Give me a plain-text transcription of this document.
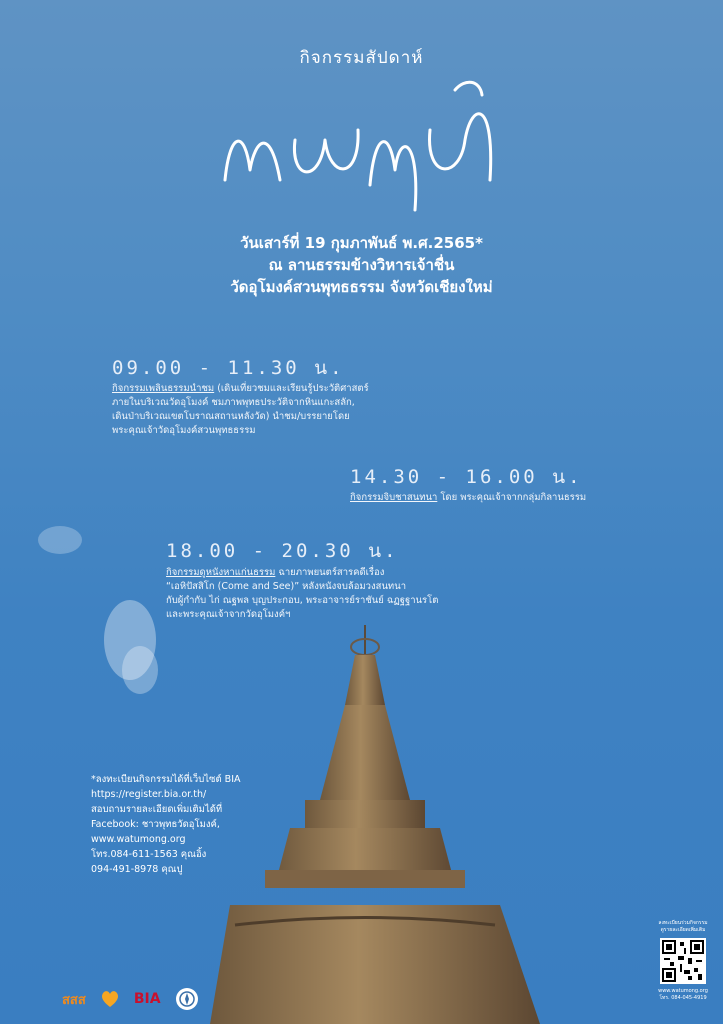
กิจกรรมสัปดาห์
วันเสาร์ที่ 19 กุมภาพันธ์ พ.ศ.2565*
ณ ลานธรรมข้างวิหารเจ้าชื่น
วัดอุโมงค์สวนพุทธธรรม จังหวัดเชียงใหม่
09.00 - 11.30 น.
กิจกรรมเพลินธรรมนำชม (เดินเที่ยวชมและเรียนรู้ประวัติศาสตร์
ภายในบริเวณวัดอุโมงค์ ชมภาพพุทธประวัติจากหินแกะสลัก,
เดินป่าบริเวณเขตโบราณสถานหลังวัด) นำชม/บรรยายโดย
พระคุณเจ้าวัดอุโมงค์สวนพุทธธรรม
14.30 - 16.00 น.
กิจกรรมจิบชาสนทนา โดย พระคุณเจ้าจากกลุ่มกิลานธรรม
18.00 - 20.30 น.
กิจกรรมดูหนังหาแก่นธรรม ฉายภาพยนตร์สารคดีเรื่อง
“เอหิปัสสิโก (Come and See)” หลังหนังจบล้อมวงสนทนา
กับผู้กำกับ ไก่ ณฐพล บุญประกอบ, พระอาจารย์ราชันย์ ฉฏฐฐานรโต
และพระคุณเจ้าจากวัดอุโมงค์ฯ
*ลงทะเบียนกิจกรรมได้ที่เว็บไซต์ BIA
https://register.bia.or.th/
สอบถามรายละเอียดเพิ่มเติมได้ที่
Facebook: ชาวพุทธวัดอุโมงค์,
www.watumong.org
โทร.084-611-1563 คุณอิ้ง
094-491-8978 คุณปู
สสส	BIA
ลงทะเบียนร่วมกิจกรรม
ดูรายละเอียดเพิ่มเติม
www.watumong.org
โทร. 084-045-4919
